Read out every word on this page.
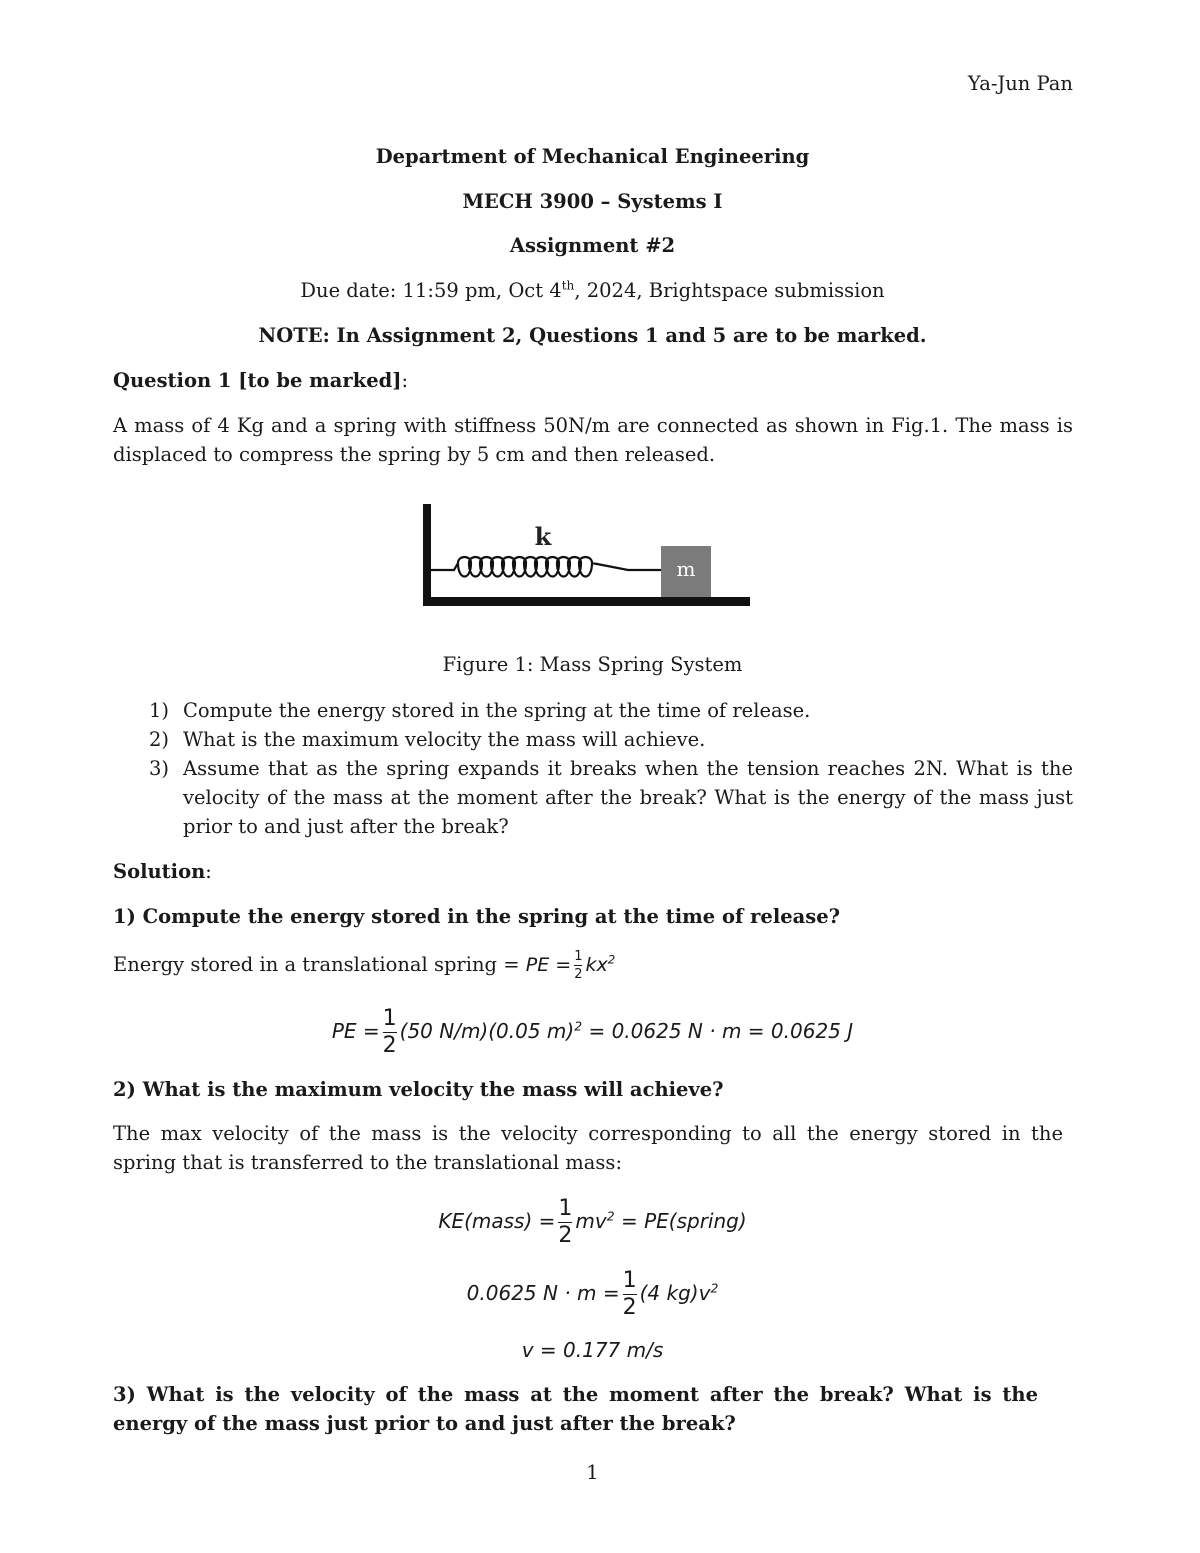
Ya-Jun Pan
Department of Mechanical Engineering
MECH 3900 – Systems I
Assignment #2
Due date: 11:59 pm, Oct 4th, 2024, Brightspace submission
NOTE: In Assignment 2, Questions 1 and 5 are to be marked.
Question 1 [to be marked]:
A mass of 4 Kg and a spring with stiffness 50N/m are connected as shown in Fig.1. The mass is displaced to compress the spring by 5 cm and then released.
k
m
Figure 1: Mass Spring System
1) Compute the energy stored in the spring at the time of release.
2) What is the maximum velocity the mass will achieve.
3) Assume that as the spring expands it breaks when the tension reaches 2N. What is the velocity of the mass at the moment after the break? What is the energy of the mass just prior to and just after the break?
Solution:
1) Compute the energy stored in the spring at the time of release?
Energy stored in a translational spring = PE = $\frac{1}{2} kx^2$
PE = $\frac{1}{2} (50$ N/m)(0.05 m)$^2$ = 0.0625 N · m = 0.0625 J
2) What is the maximum velocity the mass will achieve?
The max velocity of the mass is the velocity corresponding to all the energy stored in the spring that is transferred to the translational mass:
KE(mass) = $\frac{1}{2} mv^2$ = PE(spring)
0.0625 $N \cdot m = \frac{1}{2} (4$ $kg)v^2$
v = 0.177 m/s
3) What is the velocity of the mass at the moment after the break? What is the energy of the mass just prior to and just after the break?
1
